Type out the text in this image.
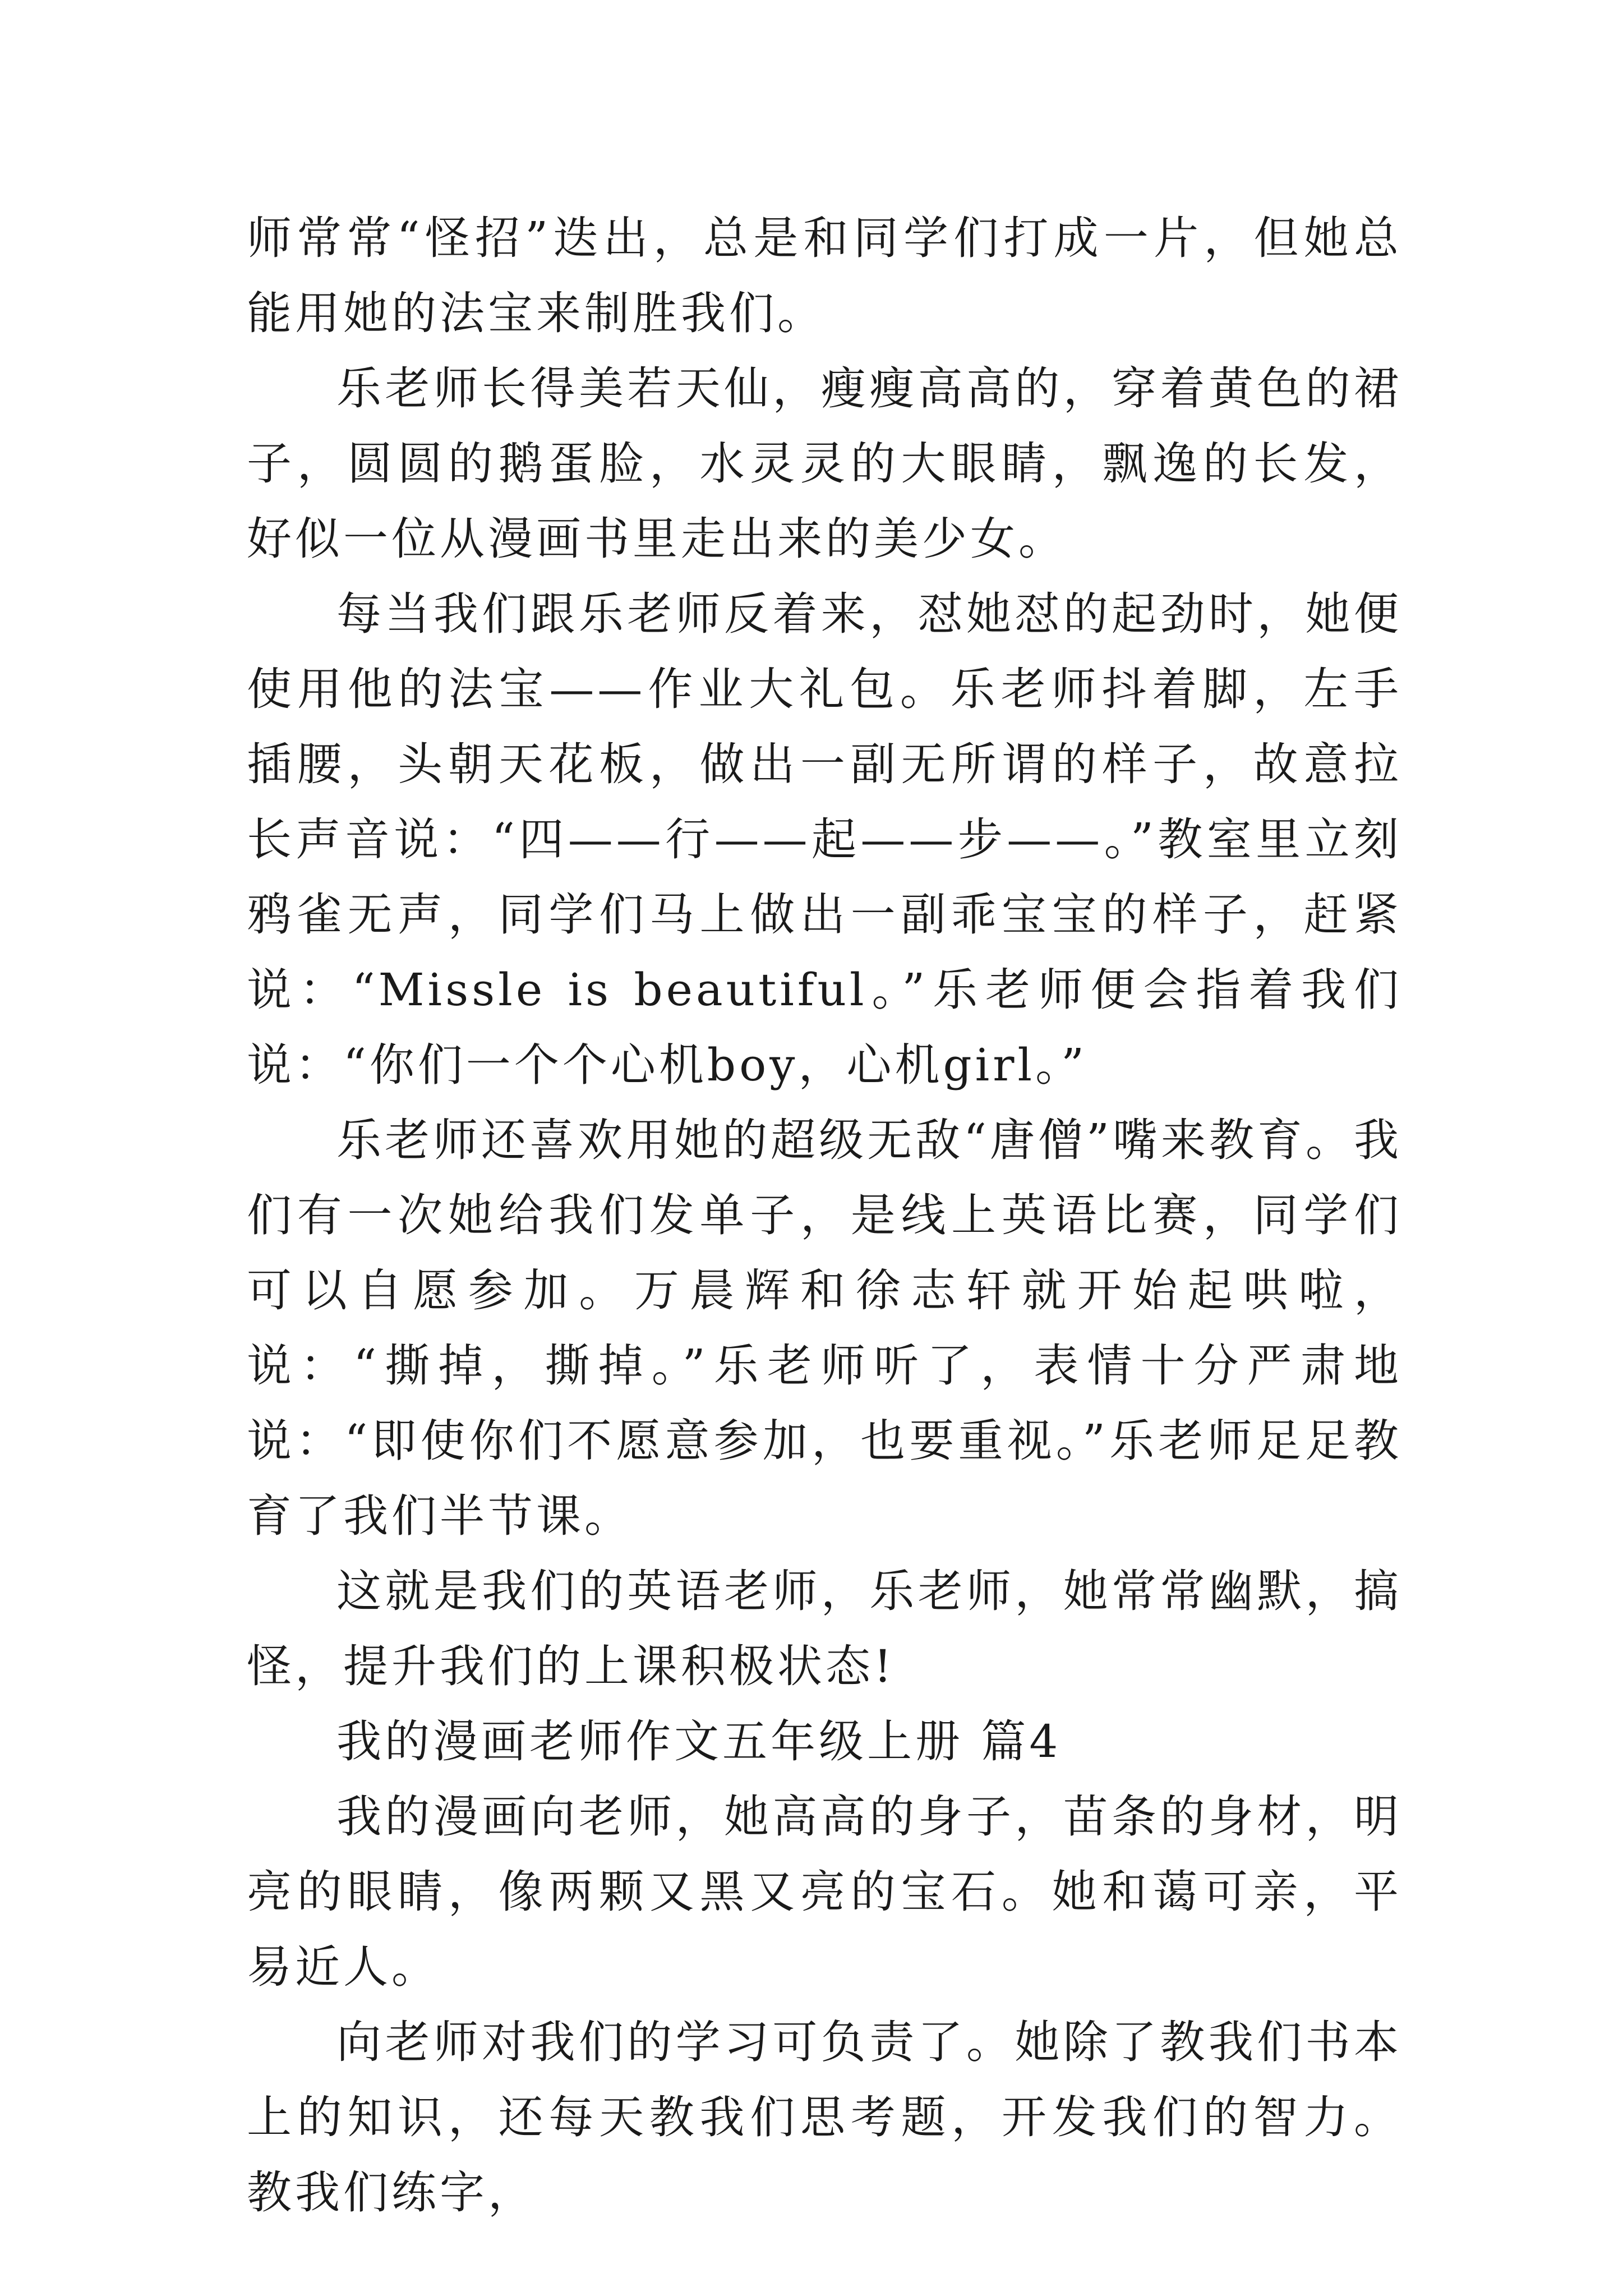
师常常“怪招”迭出，总是和同学们打成一片，但她总能用她的法宝来制胜我们。

乐老师长得美若天仙，瘦瘦高高的，穿着黄色的裙子，圆圆的鹅蛋脸，水灵灵的大眼睛，飘逸的长发，好似一位从漫画书里走出来的美少女。

每当我们跟乐老师反着来，怼她怼的起劲时，她便使用他的法宝——作业大礼包。乐老师抖着脚，左手插腰，头朝天花板，做出一副无所谓的样子，故意拉长声音说：“四——行——起——步——。”教室里立刻鸦雀无声，同学们马上做出一副乖宝宝的样子，赶紧说：“Missle is beautiful。”乐老师便会指着我们说：“你们一个个心机boy，心机girl。”

乐老师还喜欢用她的超级无敌“唐僧”嘴来教育。我们有一次她给我们发单子，是线上英语比赛，同学们可以自愿参加。万晨辉和徐志轩就开始起哄啦，说：“撕掉，撕掉。”乐老师听了，表情十分严肃地说：“即使你们不愿意参加，也要重视。”乐老师足足教育了我们半节课。

这就是我们的英语老师，乐老师，她常常幽默，搞怪，提升我们的上课积极状态!

我的漫画老师作文五年级上册 篇4

我的漫画向老师，她高高的身子，苗条的身材，明亮的眼睛，像两颗又黑又亮的宝石。她和蔼可亲，平易近人。

向老师对我们的学习可负责了。她除了教我们书本上的知识，还每天教我们思考题，开发我们的智力。教我们练字，
